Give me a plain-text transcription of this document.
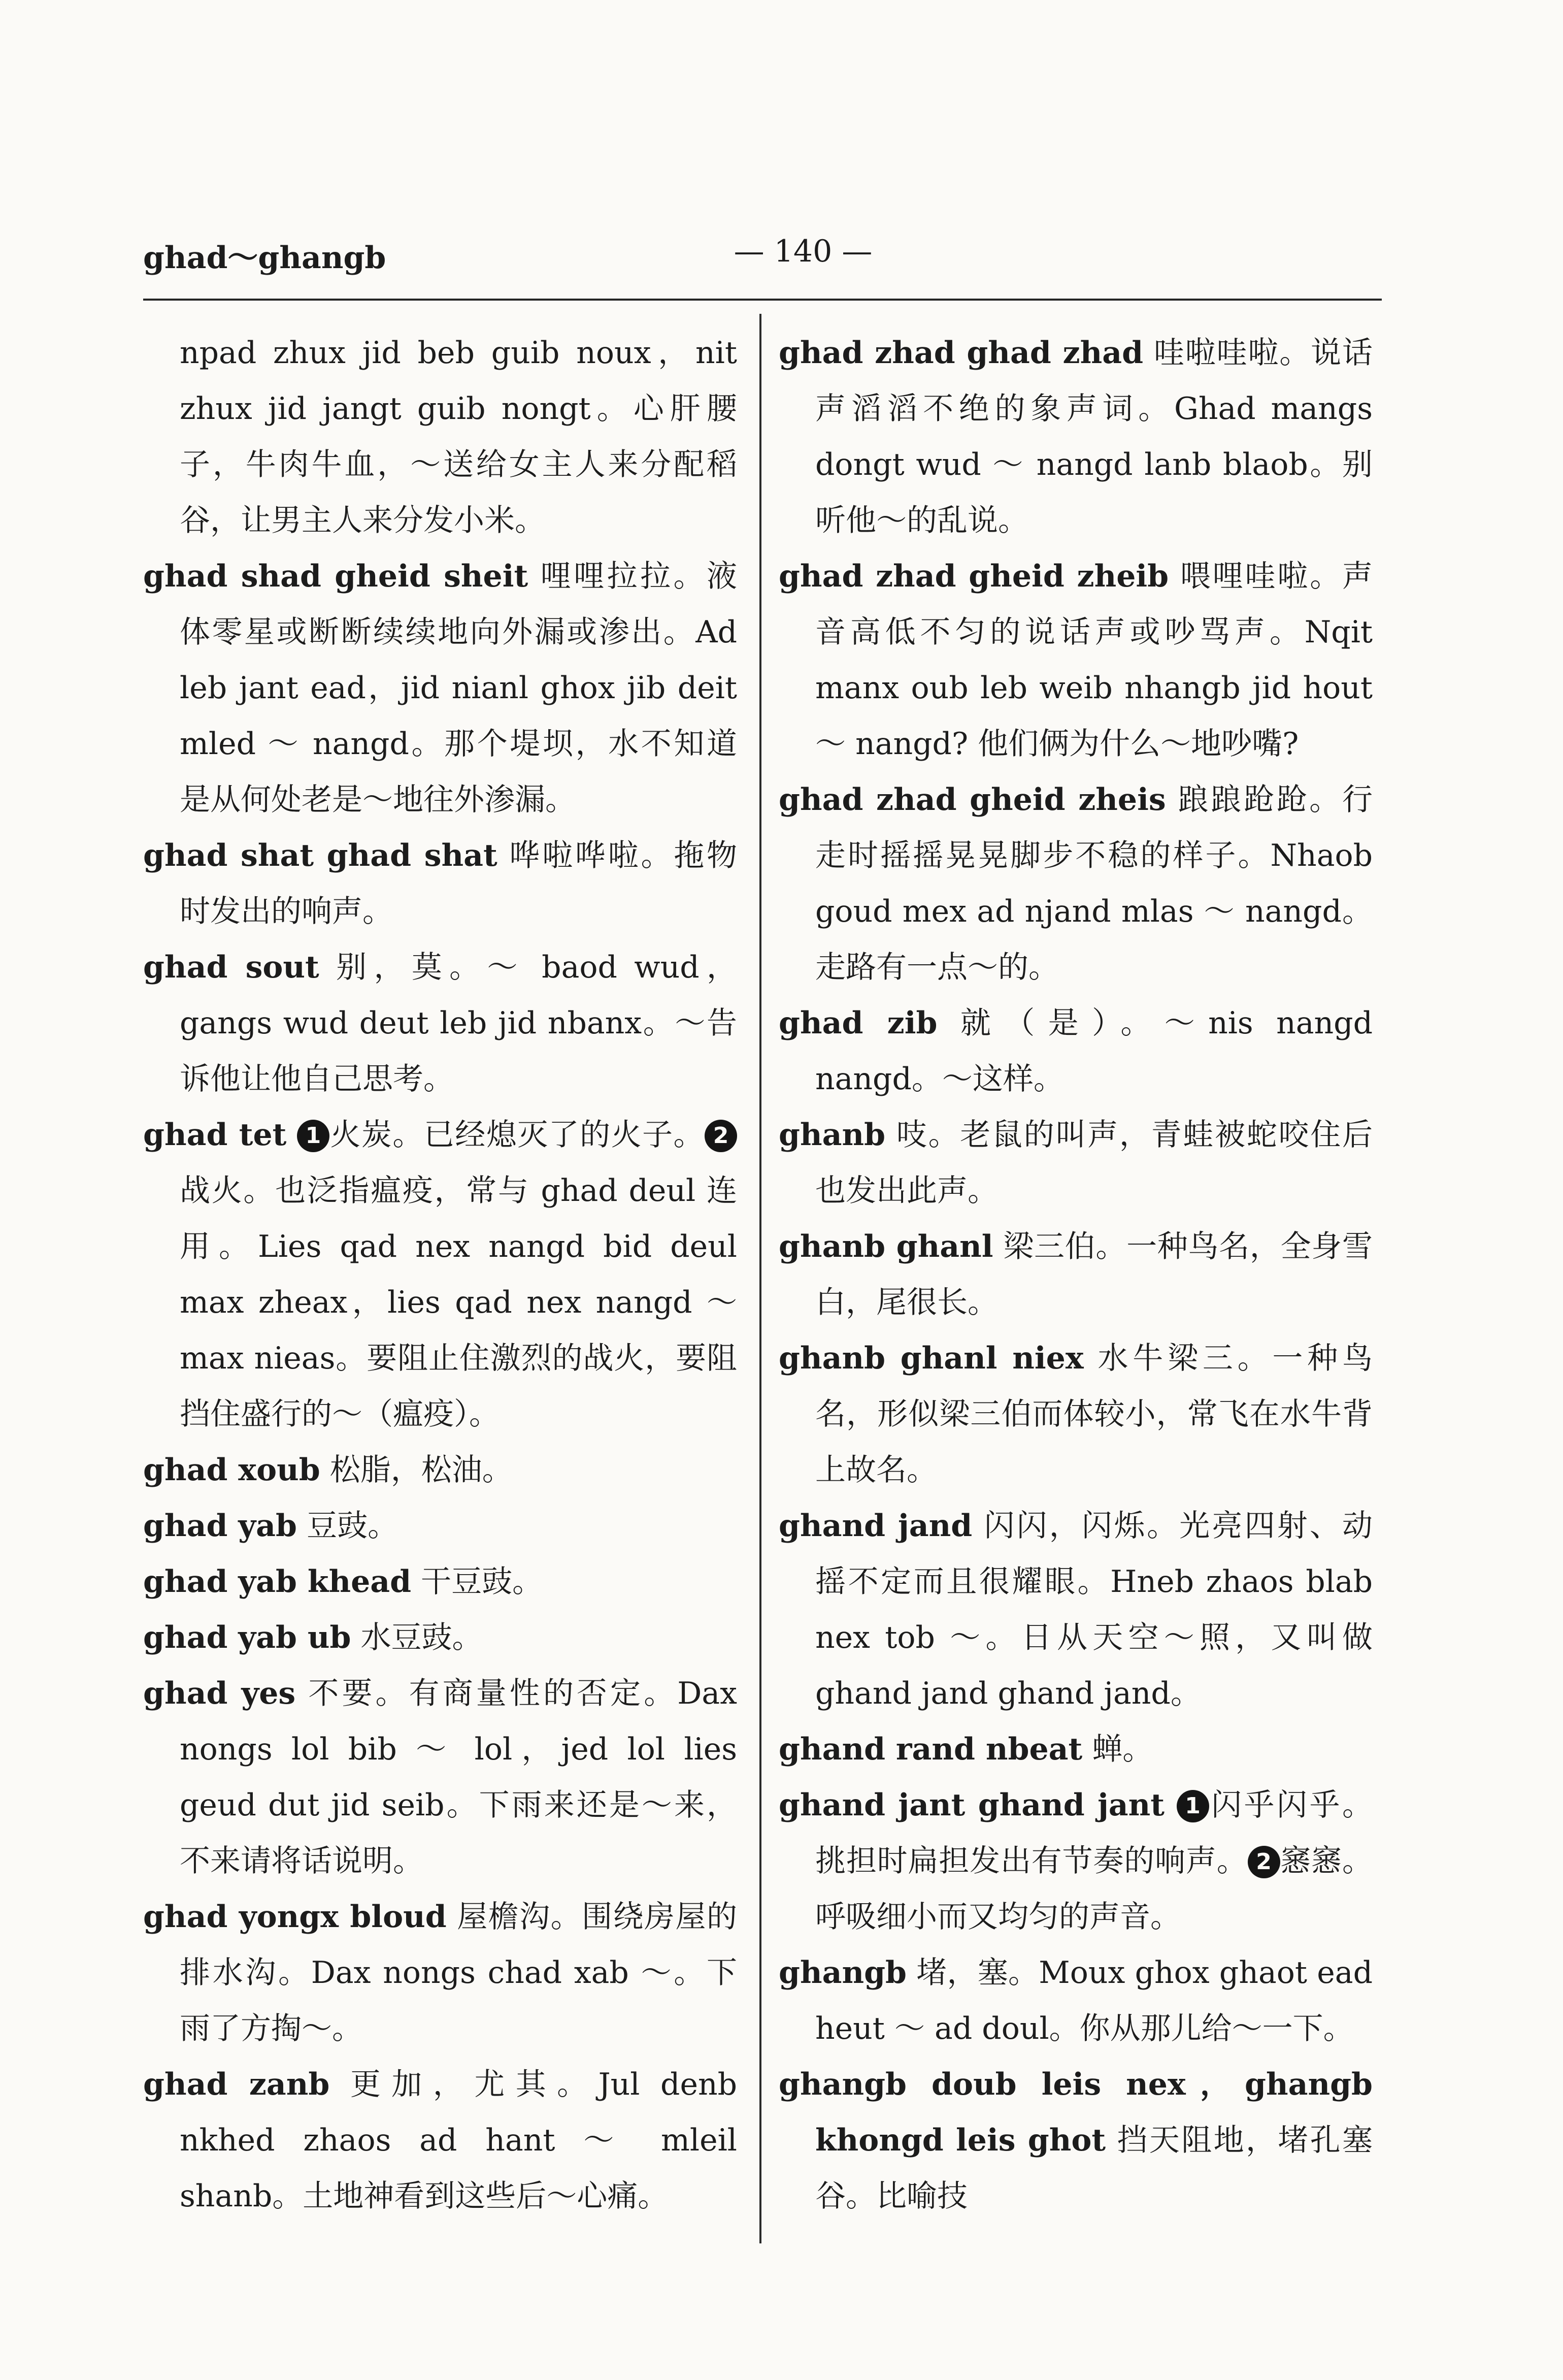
ghad～ghangb	— 140 —

npad zhux jid beb guib noux，nit zhux jid jangt guib nongt。心肝腰子，牛肉牛血，～送给女主人来分配稻谷，让男主人来分发小米。

ghad shad gheid sheit 哩哩拉拉。液体零星或断断续续地向外漏或渗出。Ad leb jant ead，jid nianl ghox jib deit mled ～ nangd。那个堤坝，水不知道是从何处老是～地往外渗漏。

ghad shat ghad shat 哗啦哗啦。拖物时发出的响声。

ghad sout 别，莫。～ baod wud，gangs wud deut leb jid nbanx。～告诉他让他自己思考。

ghad tet 1 火炭。已经熄灭了的火子。 2战火。也泛指瘟疫，常与 ghad deul 连用。Lies qad nex nangd bid deul max zheax，lies qad nex nangd ～ max nieas。要阻止住激烈的战火，要阻挡住盛行的～（瘟疫）。

ghad xoub 松脂，松油。

ghad yab 豆豉。

ghad yab khead 干豆豉。

ghad yab ub 水豆豉。

ghad yes 不要。有商量性的否定。Dax nongs lol bib ～ lol，jed lol lies geud dut jid seib。下雨来还是～来，不来请将话说明。

ghad yongx bloud 屋檐沟。围绕房屋的排水沟。Dax nongs chad xab ～。下雨了方掏～。

ghad zanb 更加，尤其。Jul denb nkhed zhaos ad hant ～ mleil shanb。土地神看到这些后～心痛。

ghad zhad ghad zhad 哇啦哇啦。说话声滔滔不绝的象声词。Ghad mangs dongt wud ～ nangd lanb blaob。别听他～的乱说。

ghad zhad gheid zheib 喂哩哇啦。声音高低不匀的说话声或吵骂声。Nqit manx oub leb weib nhangb jid hout ～ nangd? 他们俩为什么～地吵嘴?

ghad zhad gheid zheis 踉踉跄跄。行走时摇摇晃晃脚步不稳的样子。Nhaob goud mex ad njand mlas ～ nangd。走路有一点～的。

ghad zib 就（是）。～nis nangd nangd。～这样。

ghanb 吱。老鼠的叫声，青蛙被蛇咬住后也发出此声。

ghanb ghanl 梁三伯。一种鸟名，全身雪白，尾很长。

ghanb ghanl niex 水牛梁三。一种鸟名，形似梁三伯而体较小，常飞在水牛背上故名。

ghand jand 闪闪，闪烁。光亮四射、动摇不定而且很耀眼。Hneb zhaos blab nex tob ～。日从天空～照，又叫做 ghand jand ghand jand。

ghand rand nbeat 蝉。

ghand jant ghand jant 1 闪乎闪乎。挑担时扁担发出有节奏的响声。 2 窸窸。呼吸细小而又均匀的声音。

ghangb 堵，塞。Moux ghox ghaot ead heut ～ ad doul。你从那儿给～一下。

ghangb doub leis nex，ghangb khongd leis ghot 挡天阻地，堵孔塞谷。比喻技
